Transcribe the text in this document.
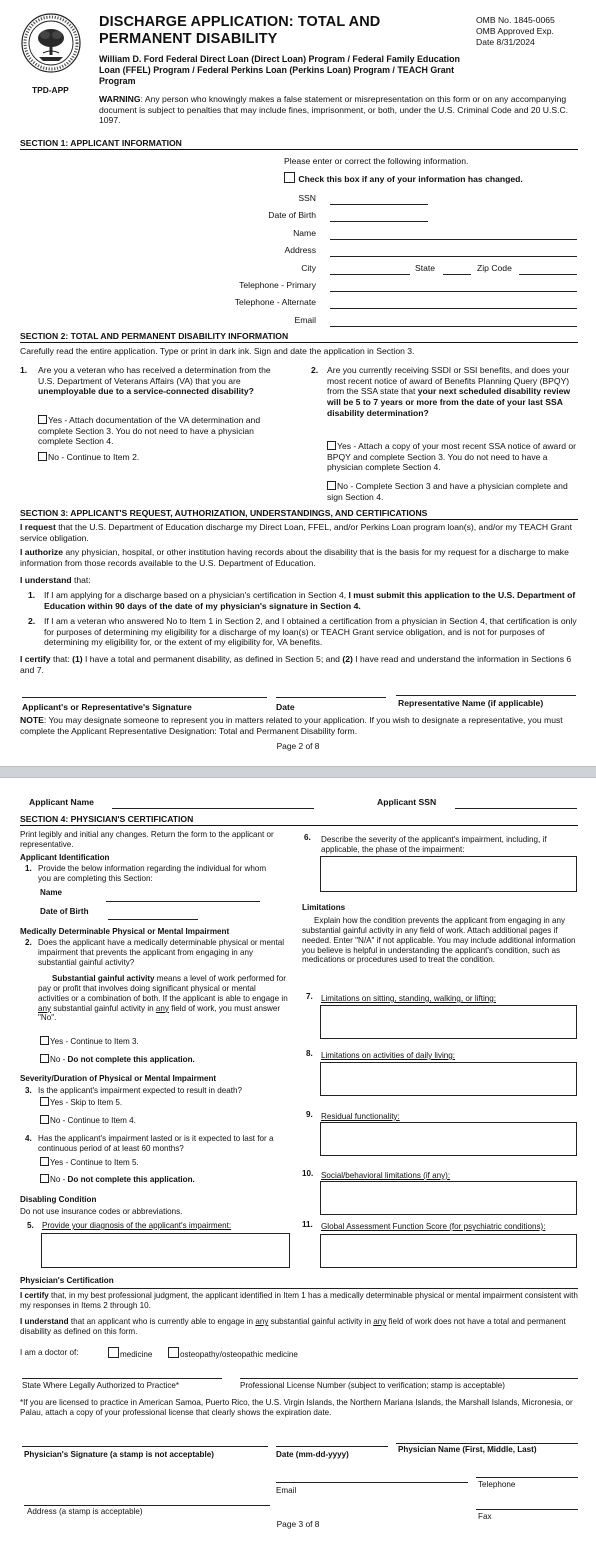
DISCHARGE APPLICATION: TOTAL AND PERMANENT DISABILITY
William D. Ford Federal Direct Loan (Direct Loan) Program / Federal Family Education Loan (FFEL) Program / Federal Perkins Loan (Perkins Loan) Program / TEACH Grant Program
OMB No. 1845-0065
OMB Approved Exp.
Date 8/31/2024
TPD-APP
WARNING: Any person who knowingly makes a false statement or misrepresentation on this form or on any accompanying document is subject to penalties that may include fines, imprisonment, or both, under the U.S. Criminal Code and 20 U.S.C. 1097.
SECTION 1: APPLICANT INFORMATION
Please enter or correct the following information.
Check this box if any of your information has changed.
SSN
Date of Birth
Name
Address
City	State	Zip Code
Telephone - Primary
Telephone - Alternate
Email
SECTION 2: TOTAL AND PERMANENT DISABILITY INFORMATION
Carefully read the entire application. Type or print in dark ink. Sign and date the application in Section 3.
1. Are you a veteran who has received a determination from the U.S. Department of Veterans Affairs (VA) that you are unemployable due to a service-connected disability?
Yes - Attach documentation of the VA determination and complete Section 3. You do not need to have a physician complete Section 4.
No - Continue to Item 2.
2. Are you currently receiving SSDI or SSI benefits, and does your most recent notice of award of Benefits Planning Query (BPQY) from the SSA state that your next scheduled disability review will be 5 to 7 years or more from the date of your last SSA disability determination?
Yes - Attach a copy of your most recent SSA notice of award or BPQY and complete Section 3. You do not need to have a physician complete Section 4.
No - Complete Section 3 and have a physician complete and sign Section 4.
SECTION 3: APPLICANT'S REQUEST, AUTHORIZATION, UNDERSTANDINGS, AND CERTIFICATIONS
I request that the U.S. Department of Education discharge my Direct Loan, FFEL, and/or Perkins Loan program loan(s), and/or my TEACH Grant service obligation.
I authorize any physician, hospital, or other institution having records about the disability that is the basis for my request for a discharge to make information from those records available to the U.S. Department of Education.
I understand that:
1. If I am applying for a discharge based on a physician's certification in Section 4, I must submit this application to the U.S. Department of Education within 90 days of the date of my physician's signature in Section 4.
2. If I am a veteran who answered No to Item 1 in Section 2, and I obtained a certification from a physician in Section 4, that certification is only for purposes of determining my eligibility for a discharge of my loan(s) or TEACH Grant service obligation, and is not for purposes of determining my eligibility for, or the extent of my eligibility for, VA benefits.
I certify that: (1) I have a total and permanent disability, as defined in Section 5; and (2) I have read and understand the information in Sections 6 and 7.
Applicant's or Representative's Signature	Date	Representative Name (if applicable)
NOTE: You may designate someone to represent you in matters related to your application. If you wish to designate a representative, you must complete the Applicant Representative Designation: Total and Permanent Disability form.
Page 2 of 8
Applicant Name	Applicant SSN
SECTION 4: PHYSICIAN'S CERTIFICATION
Print legibly and initial any changes. Return the form to the applicant or representative.
Applicant Identification
1. Provide the below information regarding the individual for whom you are completing this Section:
Name
Date of Birth
Medically Determinable Physical or Mental Impairment
2. Does the applicant have a medically determinable physical or mental impairment that prevents the applicant from engaging in any substantial gainful activity?
Substantial gainful activity means a level of work performed for pay or profit that involves doing significant physical or mental activities or a combination of both. If the applicant is able to engage in any substantial gainful activity in any field of work, you must answer "No".
Yes - Continue to Item 3.
No - Do not complete this application.
Severity/Duration of Physical or Mental Impairment
3. Is the applicant's impairment expected to result in death?
Yes - Skip to Item 5.
No - Continue to Item 4.
4. Has the applicant's impairment lasted or is it expected to last for a continuous period of at least 60 months?
Yes - Continue to Item 5.
No - Do not complete this application.
Disabling Condition
Do not use insurance codes or abbreviations.
5. Provide your diagnosis of the applicant's impairment:
6. Describe the severity of the applicant's impairment, including, if applicable, the phase of the impairment:
Limitations
Explain how the condition prevents the applicant from engaging in any substantial gainful activity in any field of work. Attach additional pages if needed. Enter "N/A" if not applicable. You may include additional information you believe is helpful in understanding the applicant's condition, such as medications or procedures used to treat the condition.
7. Limitations on sitting, standing, walking, or lifting:
8. Limitations on activities of daily living:
9. Residual functionality:
10. Social/behavioral limitations (if any):
11. Global Assessment Function Score (for psychiatric conditions):
Physician's Certification
I certify that, in my best professional judgment, the applicant identified in Item 1 has a medically determinable physical or mental impairment consistent with my responses in Items 2 through 10.
I understand that an applicant who is currently able to engage in any substantial gainful activity in any field of work does not have a total and permanent disability as defined on this form.
I am a doctor of:	medicine	osteopathy/osteopathic medicine
State Where Legally Authorized to Practice*	Professional License Number (subject to verification; stamp is acceptable)
*If you are licensed to practice in American Samoa, Puerto Rico, the U.S. Virgin Islands, the Northern Mariana Islands, the Marshall Islands, Micronesia, or Palau, attach a copy of your professional license that clearly shows the expiration date.
Physician's Signature (a stamp is not acceptable)	Date (mm-dd-yyyy)
Physician Name (First, Middle, Last)
Telephone
Email
Address (a stamp is acceptable)
Fax
Page 3 of 8
